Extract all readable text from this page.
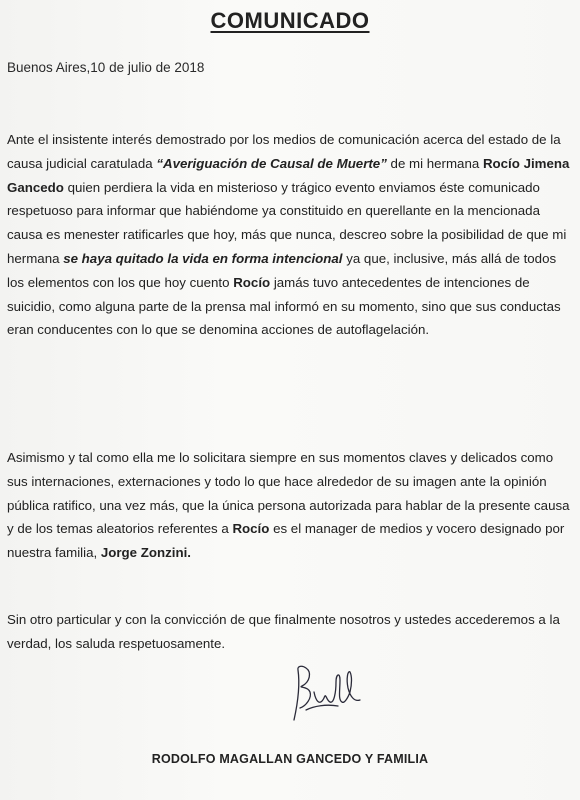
COMUNICADO
Buenos Aires,10 de julio de 2018

Ante el insistente interés demostrado por los medios de comunicación acerca del estado de la causa judicial caratulada “Averiguación de Causal de Muerte” de mi hermana Rocío Jimena Gancedo quien perdiera la vida en misterioso y trágico evento enviamos éste comunicado respetuoso para informar que habiéndome ya constituido en querellante en la mencionada causa es menester ratificarles que hoy, más que nunca, descreo sobre la posibilidad de que mi hermana se haya quitado la vida en forma intencional ya que, inclusive, más allá de todos los elementos con los que hoy cuento Rocío jamás tuvo antecedentes de intenciones de suicidio, como alguna parte de la prensa mal informó en su momento, sino que sus conductas eran conducentes con lo que se denomina acciones de autoflagelación.

Asimismo y tal como ella me lo solicitara siempre en sus momentos claves y delicados como sus internaciones, externaciones y todo lo que hace alrededor de su imagen ante la opinión pública ratifico, una vez más, que la única persona autorizada para hablar de la presente causa y de los temas aleatorios referentes a Rocío es el manager de medios y vocero designado por nuestra familia, Jorge Zonzini.

Sin otro particular y con la convicción de que finalmente nosotros y ustedes accederemos a la verdad, los saluda respetuosamente.

RODOLFO MAGALLAN GANCEDO Y FAMILIA
